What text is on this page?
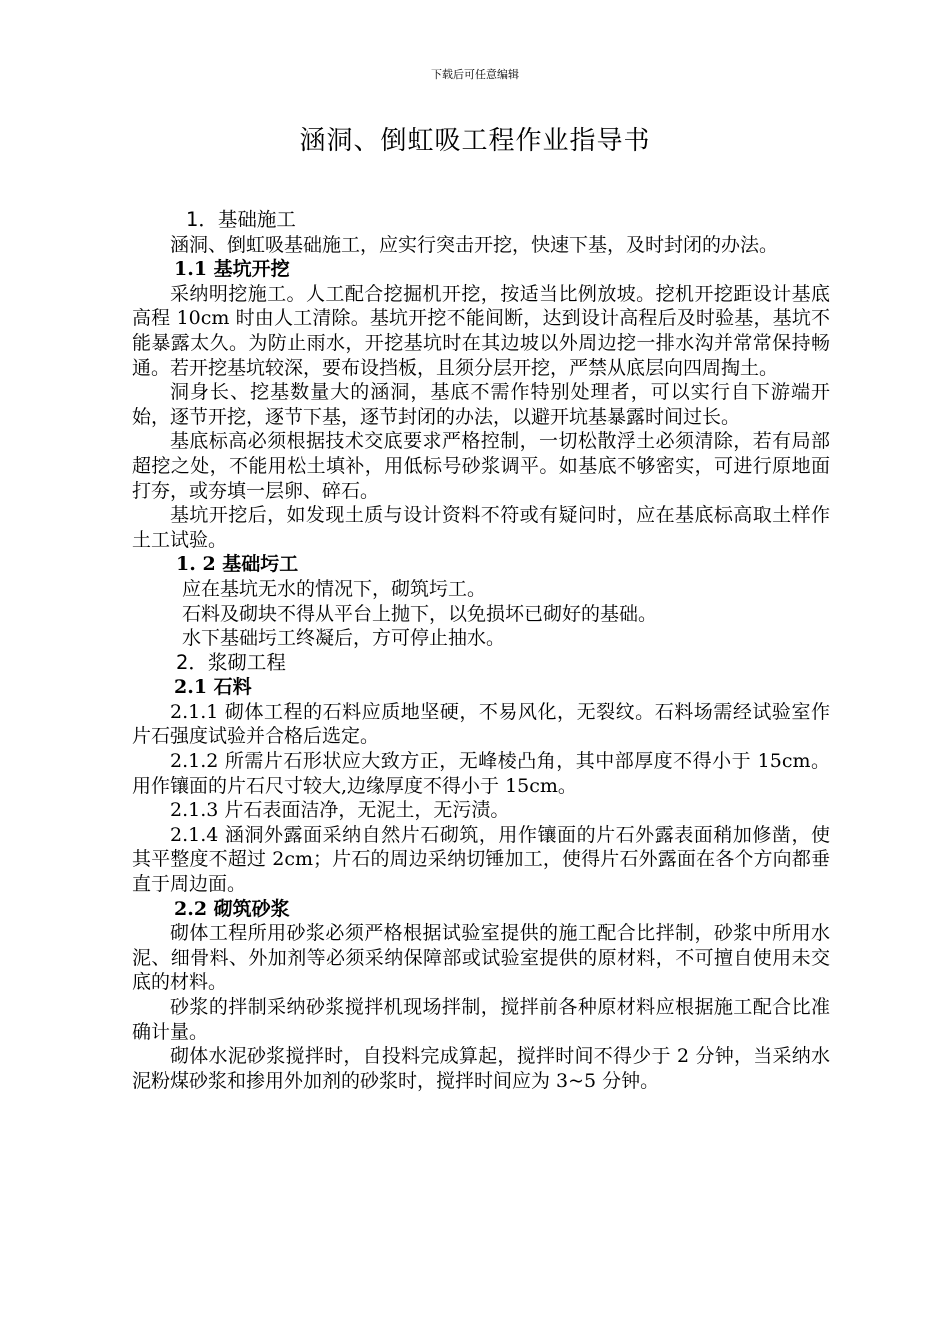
下载后可任意编辑
涵洞、倒虹吸工程作业指导书

1．基础施工

涵洞、倒虹吸基础施工，应实行突击开挖，快速下基，及时封闭的办法。

1.1 基坑开挖

采纳明挖施工。人工配合挖掘机开挖，按适当比例放坡。挖机开挖距设计基底高程 10cm 时由人工清除。基坑开挖不能间断，达到设计高程后及时验基，基坑不能暴露太久。为防止雨水，开挖基坑时在其边坡以外周边挖一排水沟并常常保持畅通。若开挖基坑较深，要布设挡板，且须分层开挖，严禁从底层向四周掏土。

洞身长、挖基数量大的涵洞，基底不需作特别处理者，可以实行自下游端开始，逐节开挖，逐节下基，逐节封闭的办法，以避开坑基暴露时间过长。

基底标高必须根据技术交底要求严格控制，一切松散浮土必须清除，若有局部超挖之处，不能用松土填补，用低标号砂浆调平。如基底不够密实，可进行原地面打夯，或夯填一层卵、碎石。

基坑开挖后，如发现土质与设计资料不符或有疑问时，应在基底标高取土样作土工试验。

1. 2 基础圬工

应在基坑无水的情况下，砌筑圬工。

石料及砌块不得从平台上抛下，以免损坏已砌好的基础。

水下基础圬工终凝后，方可停止抽水。

2．浆砌工程

2.1 石料

2.1.1 砌体工程的石料应质地坚硬，不易风化，无裂纹。石料场需经试验室作片石强度试验并合格后选定。

2.1.2 所需片石形状应大致方正，无峰棱凸角，其中部厚度不得小于 15cm。用作镶面的片石尺寸较大,边缘厚度不得小于 15cm。

2.1.3 片石表面洁净，无泥土，无污渍。

2.1.4 涵洞外露面采纳自然片石砌筑，用作镶面的片石外露表面稍加修凿，使其平整度不超过 2cm；片石的周边采纳切锤加工，使得片石外露面在各个方向都垂直于周边面。

2.2 砌筑砂浆

砌体工程所用砂浆必须严格根据试验室提供的施工配合比拌制，砂浆中所用水泥、细骨料、外加剂等必须采纳保障部或试验室提供的原材料，不可擅自使用未交底的材料。

砂浆的拌制采纳砂浆搅拌机现场拌制，搅拌前各种原材料应根据施工配合比准确计量。

砌体水泥砂浆搅拌时，自投料完成算起，搅拌时间不得少于 2 分钟，当采纳水泥粉煤砂浆和掺用外加剂的砂浆时，搅拌时间应为 3~5 分钟。
